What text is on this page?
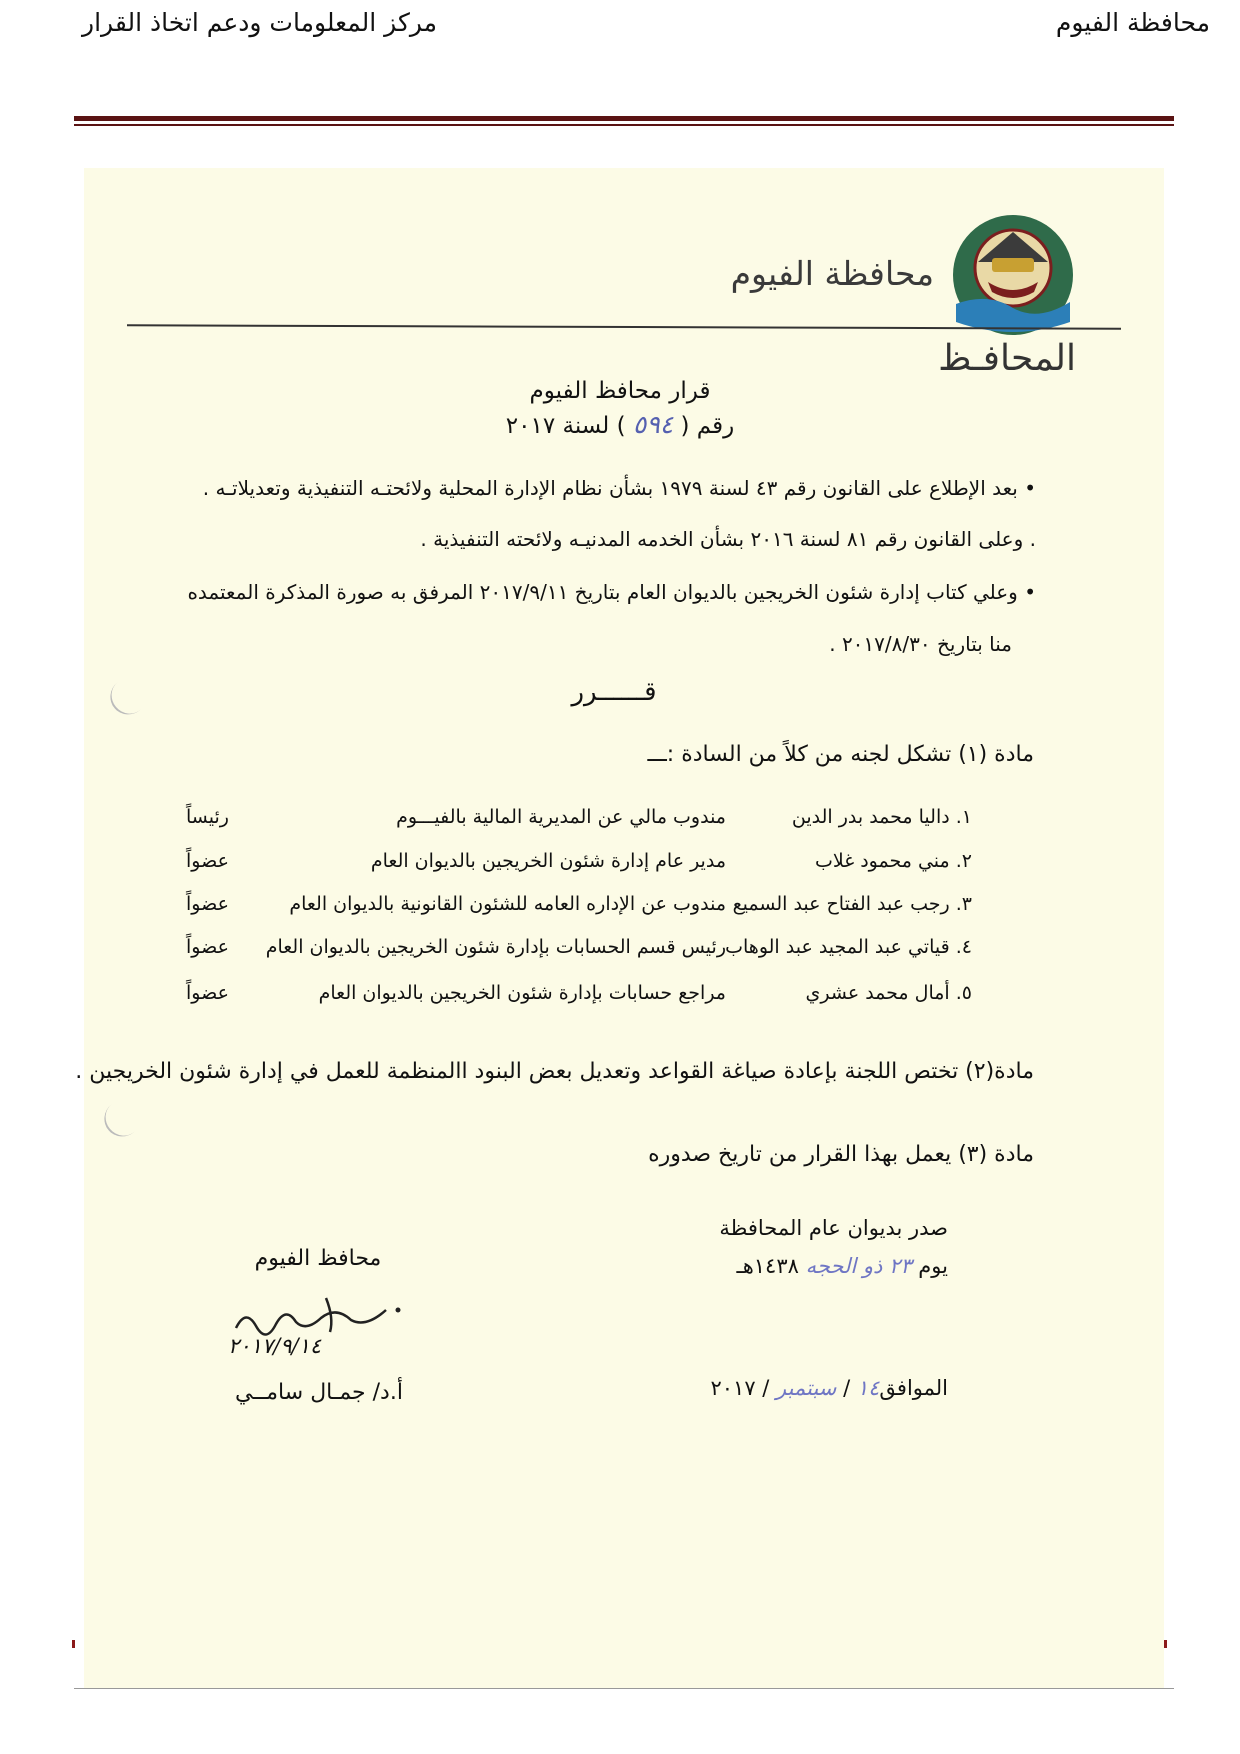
محافظة الفيوم
مركز المعلومات ودعم اتخاذ القرار
محافظة الفيوم
المحافـظ
قرار محافظ الفيوم
رقم ( ٥٩٤ ) لسنة ٢٠١٧
• بعد الإطلاع على القانون رقم ٤٣ لسنة ١٩٧٩ بشأن نظام الإدارة المحلية ولائحتـه التنفيذية وتعديلاتـه .
. وعلى القانون رقم ٨١ لسنة ٢٠١٦ بشأن الخدمه المدنيـه ولائحته التنفيذية .
• وعلي كتاب إدارة شئون الخريجين بالديوان العام بتاريخ ٢٠١٧/٩/١١ المرفق به صورة المذكرة المعتمده
منا بتاريخ ٢٠١٧/٨/٣٠ .
قــــــرر
مادة (١) تشكل لجنه من كلاً من السادة :ـــ
١. داليا محمد بدر الدين
مندوب مالي عن المديرية المالية بالفيـــوم
رئيساً
٢. مني محمود غلاب
مدير عام إدارة شئون الخريجين بالديوان العام
عضواً
٣. رجب عبد الفتاح عبد السميع
مندوب عن الإداره العامه للشئون القانونية بالديوان العام
عضواً
٤. قياتي عبد المجيد عبد الوهاب
رئيس قسم الحسابات بإدارة شئون الخريجين بالديوان العام
عضواً
٥. أمال محمد عشري
مراجع حسابات بإدارة شئون الخريجين بالديوان العام
عضواً
مادة(٢) تختص اللجنة بإعادة صياغة القواعد وتعديل بعض البنود االمنظمة للعمل في إدارة شئون الخريجين .
مادة (٣) يعمل بهذا القرار من تاريخ صدوره
صدر بديوان عام المحافظة
يوم ٢٣ ذو الحجه ١٤٣٨هـ
الموافق١٤ / سبتمبر / ٢٠١٧
محافظ الفيوم
٢٠١٧/٩/١٤
أ.د/ جمـال سامــي
